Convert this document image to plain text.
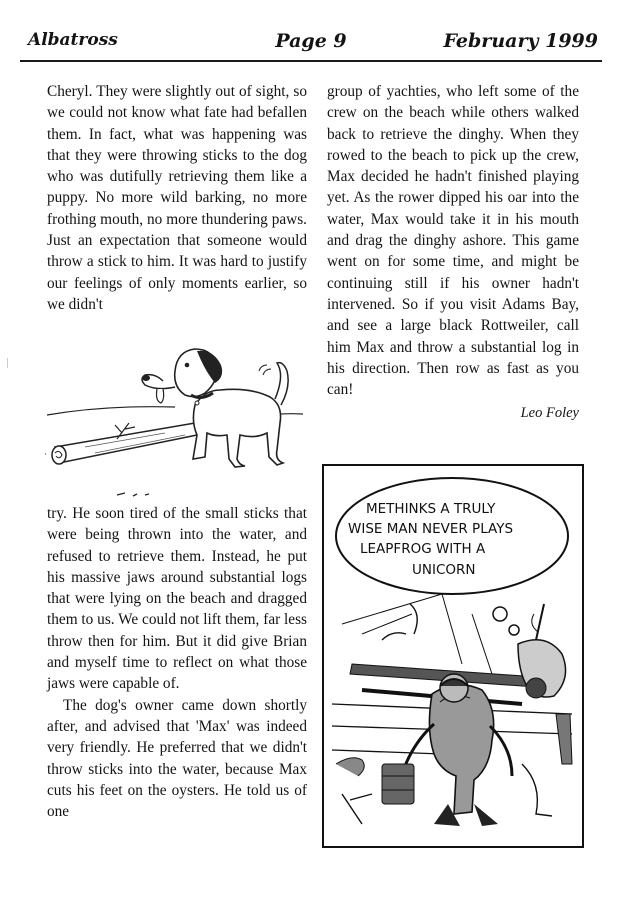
Albatross	Page 9	February 1999

Cheryl. They were slightly out of sight, so we could not know what fate had befallen them. In fact, what was happening was that they were throwing sticks to the dog who was dutifully retrieving them like a puppy. No more wild barking, no more frothing mouth, no more thundering paws. Just an expectation that someone would throw a stick to him. It was hard to justify our feelings of only moments earlier, so we didn't

try. He soon tired of the small sticks that were being thrown into the water, and refused to retrieve them. Instead, he put his massive jaws around substantial logs that were lying on the beach and dragged them to us. We could not lift them, far less throw then for him. But it did give Brian and myself time to reflect on what those jaws were capable of.

The dog's owner came down shortly after, and advised that 'Max' was indeed very friendly. He preferred that we didn't throw sticks into the water, because Max cuts his feet on the oysters. He told us of one

group of yachties, who left some of the crew on the beach while others walked back to retrieve the dinghy. When they rowed to the beach to pick up the crew, Max decided he hadn't finished playing yet. As the rower dipped his oar into the water, Max would take it in his mouth and drag the dinghy ashore. This game went on for some time, and might be continuing still if his owner hadn't intervened. So if you visit Adams Bay, and see a large black Rottweiler, call him Max and throw a substantial log in his direction. Then row as fast as you can!

Leo Foley
METHINKS A TRULY
WISE MAN NEVER PLAYS
LEAPFROG WITH A
UNICORN
